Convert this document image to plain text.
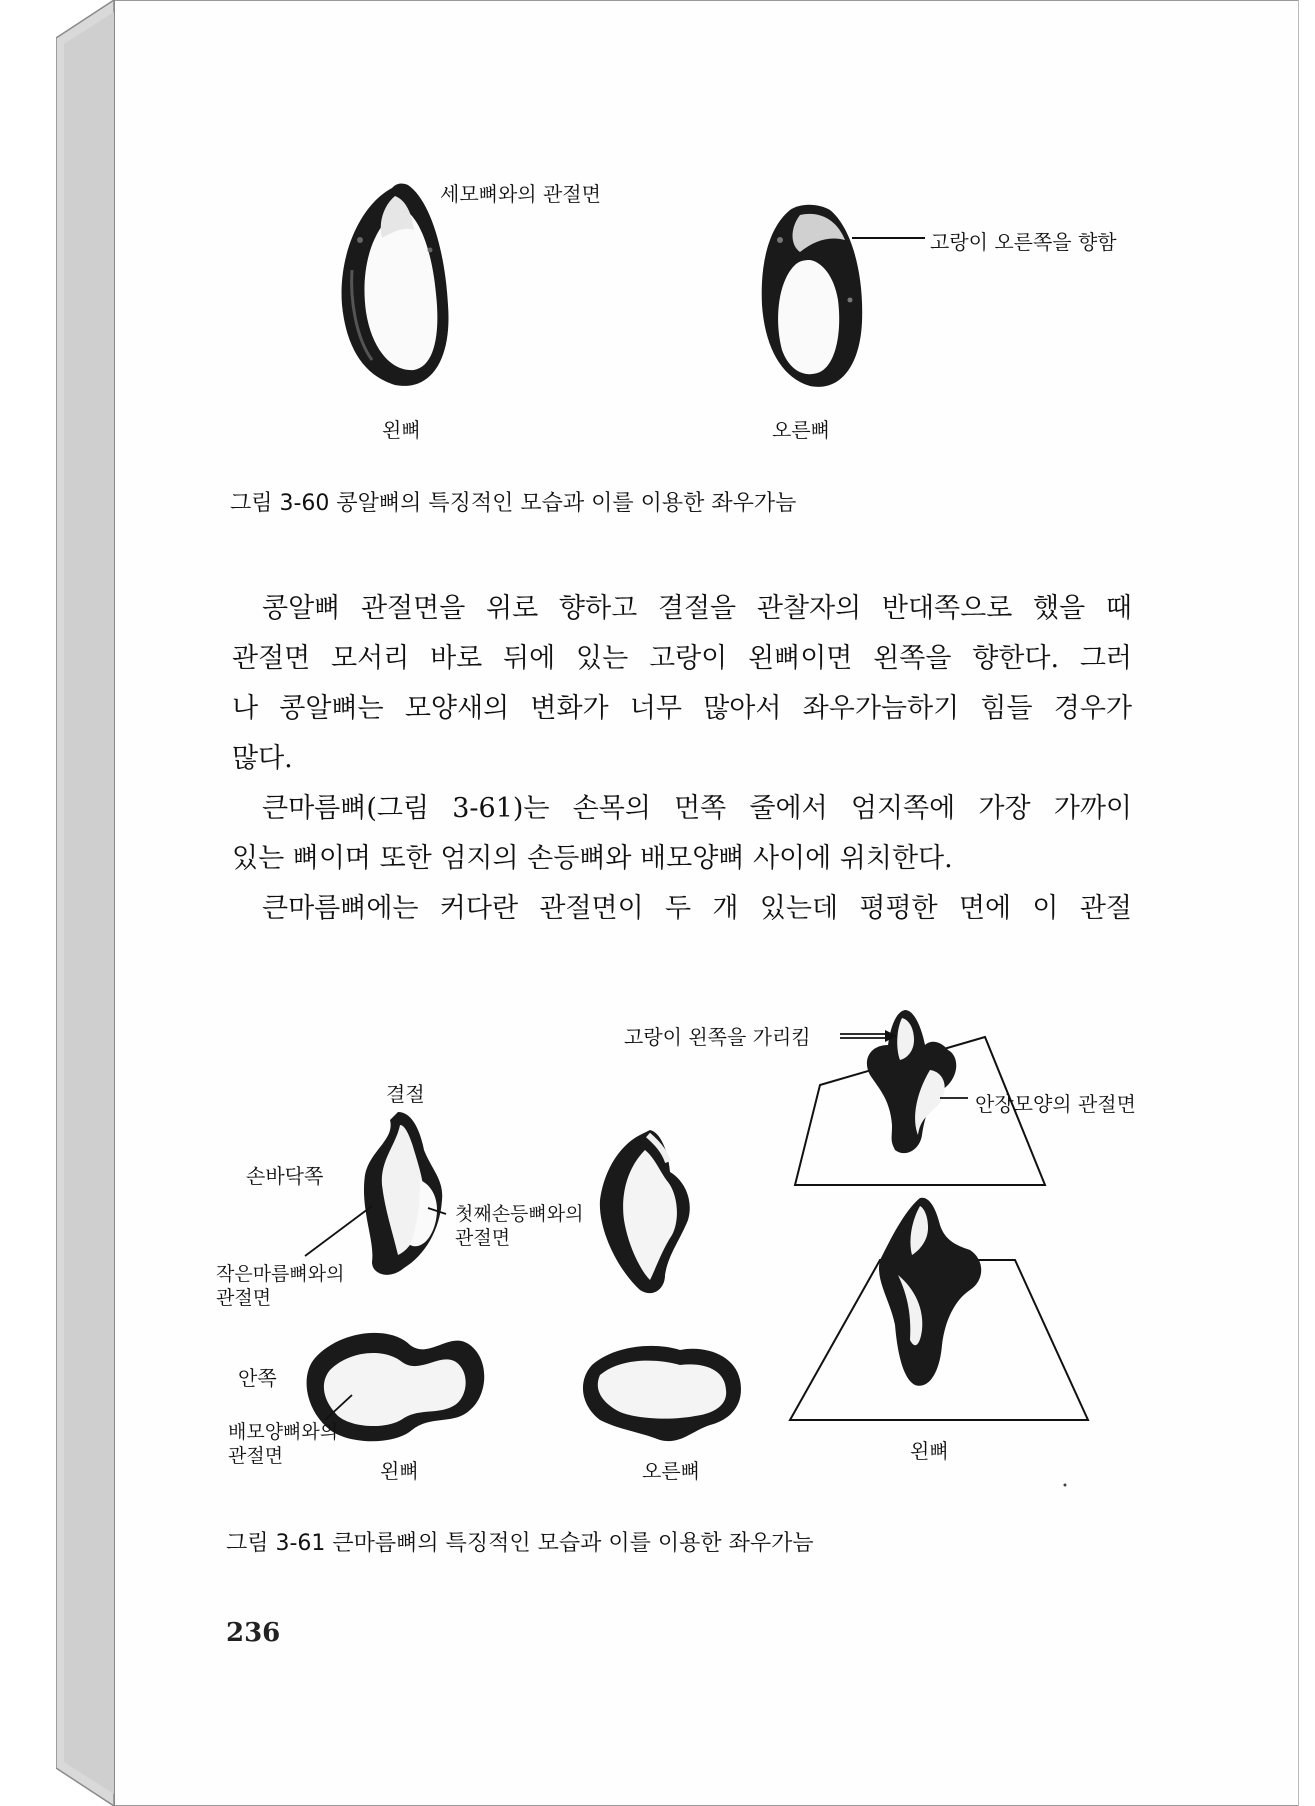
세모뼈와의 관절면
고랑이 오른쪽을 향함
왼뼈	오른뼈
그림 3-60 콩알뼈의 특징적인 모습과 이를 이용한 좌우가늠
콩알뼈 관절면을 위로 향하고 결절을 관찰자의 반대쪽으로 했을 때
관절면 모서리 바로 뒤에 있는 고랑이 왼뼈이면 왼쪽을 향한다. 그러
나 콩알뼈는 모양새의 변화가 너무 많아서 좌우가늠하기 힘들 경우가
많다.
큰마름뼈(그림 3-61)는 손목의 먼쪽 줄에서 엄지쪽에 가장 가까이
있는 뼈이며 또한 엄지의 손등뼈와 배모양뼈 사이에 위치한다.
큰마름뼈에는 커다란 관절면이 두 개 있는데 평평한 면에 이 관절
고랑이 왼쪽을 가리킴
안장모양의 관절면
결절
손바닥쪽
첫째손등뼈와의
관절면
작은마름뼈와의
관절면
안쪽
배모양뼈와의
관절면
왼뼈	오른뼈
왼뼈
그림 3-61 큰마름뼈의 특징적인 모습과 이를 이용한 좌우가늠
236
